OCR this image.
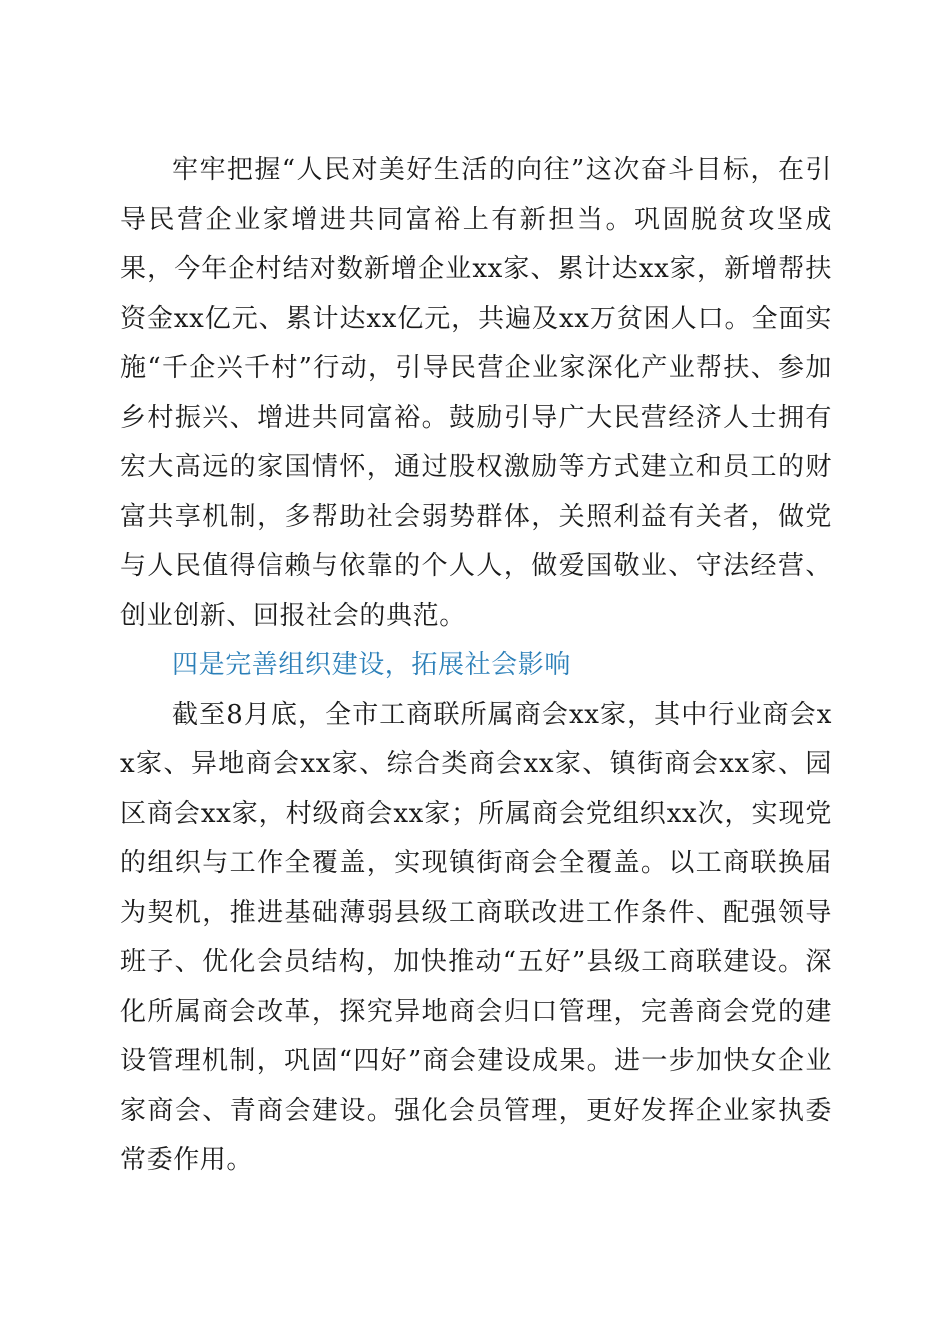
牢牢把握“人民对美好生活的向往”这次奋斗目标，在引导民营企业家增进共同富裕上有新担当。巩固脱贫攻坚成果，今年企村结对数新增企业xx家、累计达xx家，新增帮扶资金xx亿元、累计达xx亿元，共遍及xx万贫困人口。全面实施“千企兴千村”行动，引导民营企业家深化产业帮扶、参加乡村振兴、增进共同富裕。鼓励引导广大民营经济人士拥有宏大高远的家国情怀，通过股权激励等方式建立和员工的财富共享机制，多帮助社会弱势群体，关照利益有关者，做党与人民值得信赖与依靠的个人人，做爱国敬业、守法经营、创业创新、回报社会的典范。

四是完善组织建设，拓展社会影响

截至8月底，全市工商联所属商会xx家，其中行业商会xx家、异地商会xx家、综合类商会xx家、镇街商会xx家、园区商会xx家，村级商会xx家；所属商会党组织xx次，实现党的组织与工作全覆盖，实现镇街商会全覆盖。以工商联换届为契机，推进基础薄弱县级工商联改进工作条件、配强领导班子、优化会员结构，加快推动“五好”县级工商联建设。深化所属商会改革，探究异地商会归口管理，完善商会党的建设管理机制，巩固“四好”商会建设成果。进一步加快女企业家商会、青商会建设。强化会员管理，更好发挥企业家执委常委作用。
